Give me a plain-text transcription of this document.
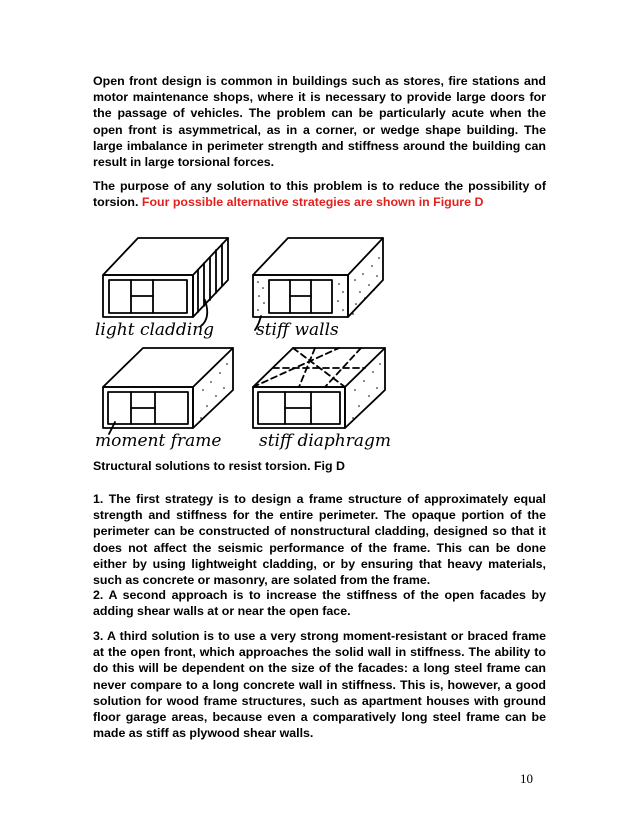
Open front design is common in buildings such as stores, fire stations and motor maintenance shops, where it is necessary to provide large doors for the passage of vehicles. The problem can be particularly acute when the open front is asymmetrical, as in a corner, or wedge shape building. The large imbalance in perimeter strength and stiffness around the building can result in large torsional forces.

The purpose of any solution to this problem is to reduce the possibility of torsion. Four possible alternative strategies are shown in Figure D

light cladding stiff walls
moment frame stiff diaphragm

Structural solutions to resist torsion. Fig D

1. The first strategy is to design a frame structure of approximately equal strength and stiffness for the entire perimeter. The opaque portion of the perimeter can be constructed of nonstructural cladding, designed so that it does not affect the seismic performance of the frame. This can be done either by using lightweight cladding, or by ensuring that heavy materials, such as concrete or masonry, are solated from the frame.

2. A second approach is to increase the stiffness of the open facades by adding shear walls at or near the open face.

3. A third solution is to use a very strong moment-resistant or braced frame at the open front, which approaches the solid wall in stiffness. The ability to do this will be dependent on the size of the facades: a long steel frame can never compare to a long concrete wall in stiffness. This is, however, a good solution for wood frame structures, such as apartment houses with ground floor garage areas, because even a comparatively long steel frame can be made as stiff as plywood shear walls.

10
